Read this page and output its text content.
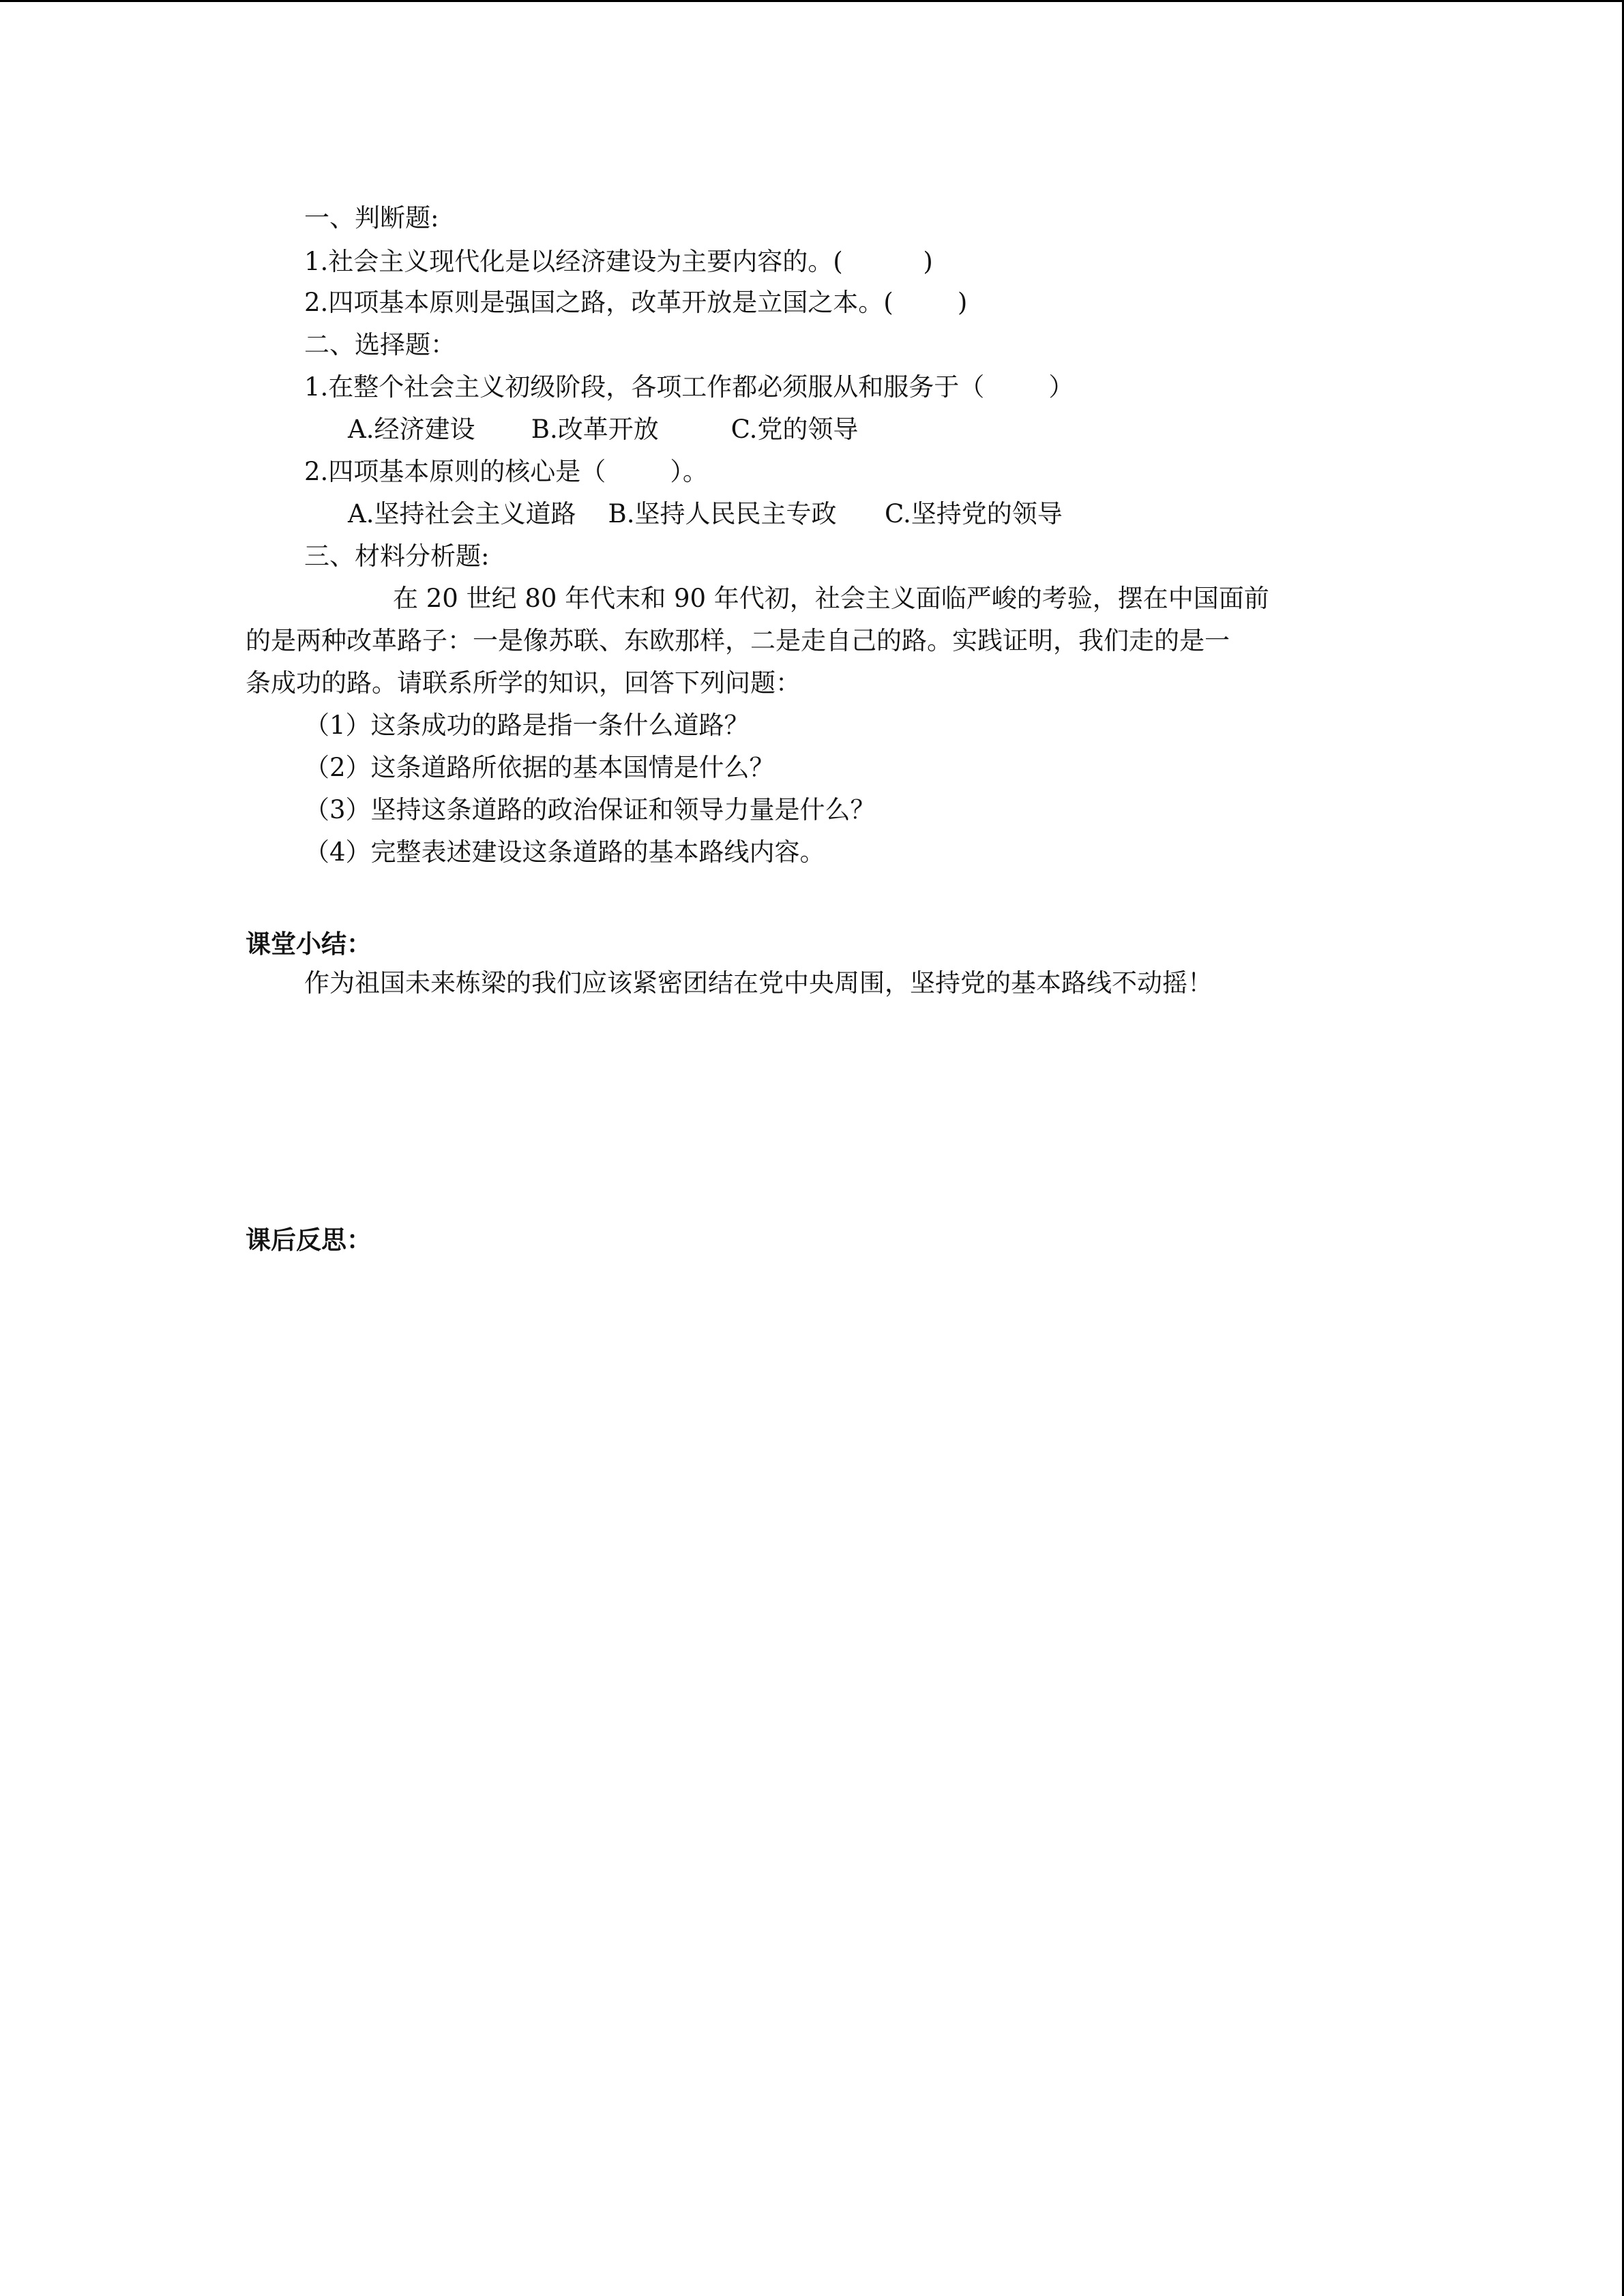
一、判断题:
1.社会主义现代化是以经济建设为主要内容的。(          )
2.四项基本原则是强国之路，改革开放是立国之本。(        )
二、选择题：
1.在整个社会主义初级阶段，各项工作都必须服从和服务于（        ）
A.经济建设       B.改革开放         C.党的领导
2.四项基本原则的核心是（        ）。
A.坚持社会主义道路    B.坚持人民民主专政      C.坚持党的领导
三、材料分析题:
在 20 世纪 80 年代末和 90 年代初，社会主义面临严峻的考验，摆在中国面前
的是两种改革路子：一是像苏联、东欧那样，二是走自己的路。实践证明，我们走的是一
条成功的路。请联系所学的知识，回答下列问题：
（1）这条成功的路是指一条什么道路？
（2）这条道路所依据的基本国情是什么？
（3）坚持这条道路的政治保证和领导力量是什么？
（4）完整表述建设这条道路的基本路线内容。
课堂小结：
作为祖国未来栋梁的我们应该紧密团结在党中央周围，坚持党的基本路线不动摇！
课后反思：
